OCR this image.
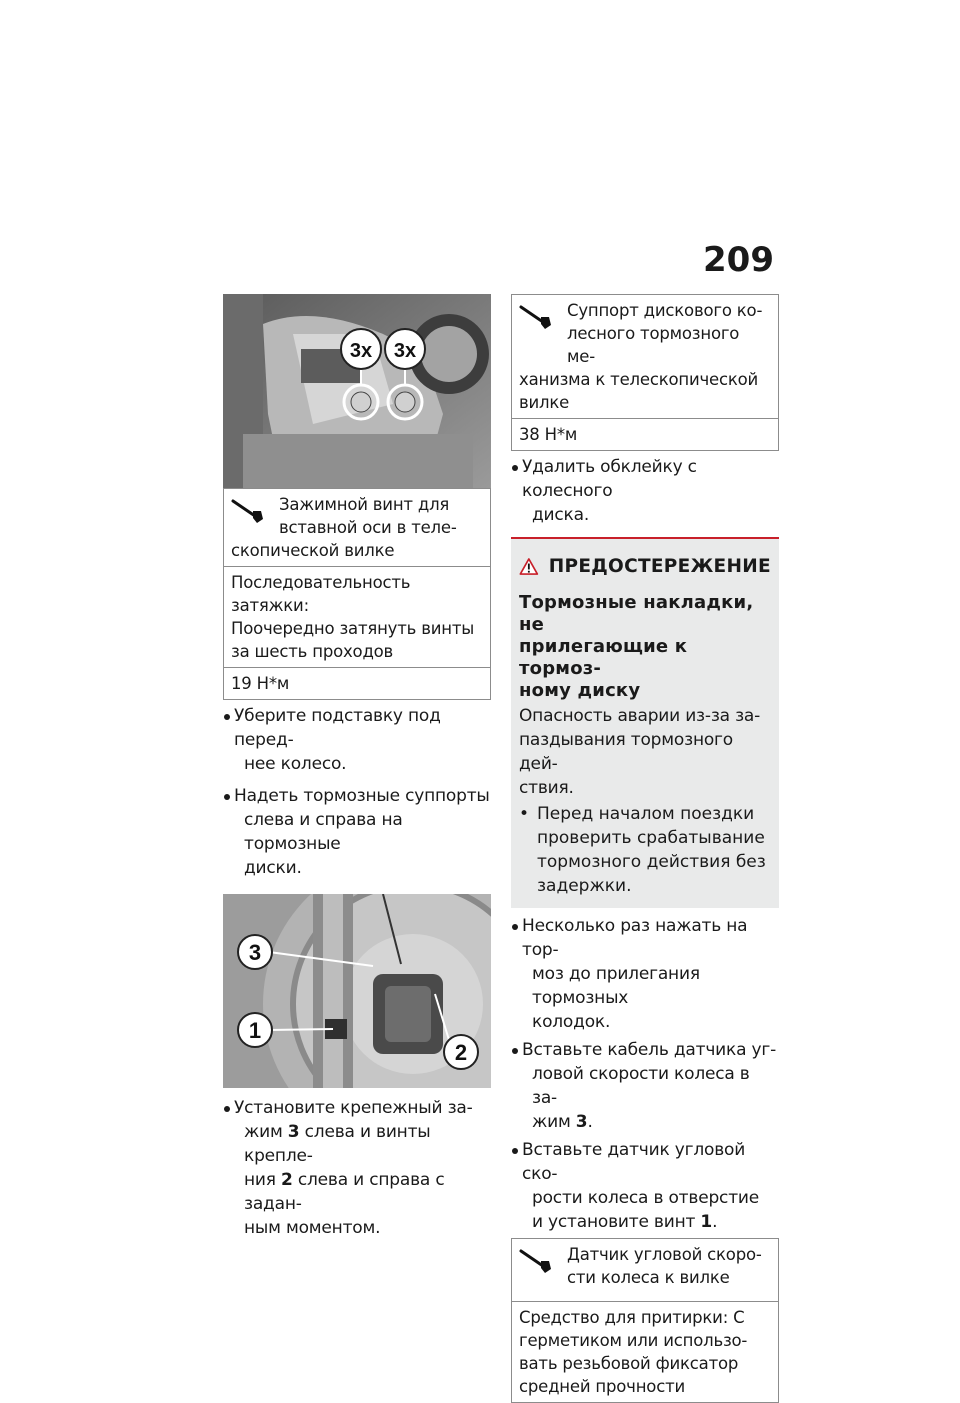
209
3x 3x
Зажимной винт для
вставной оси в теле-
скопической вилке
Последовательность затяжки:
Поочередно затянуть винты
за шесть проходов
19 Н*м
Уберите подставку под перед-
нее колесо.
Надеть тормозные суппорты
слева и справа на тормозные
диски.
3
1
2
Установите крепежный за-
жим 3 слева и винты крепле-
ния 2 слева и справа с задан-
ным моментом.
Суппорт дискового ко-
лесного тормозного ме-
ханизма к телескопической
вилке
38 Н*м
Удалить обклейку с колесного
диска.
ПРЕДОСТЕРЕЖЕНИЕ
Тормозные накладки, не
прилегающие к тормоз-
ному диску
Опасность аварии из-за за-
паздывания тормозного дей-
ствия.
• Перед началом поездки
проверить срабатывание
тормозного действия без
задержки.
Несколько раз нажать на тор-
моз до прилегания тормозных
колодок.
Вставьте кабель датчика уг-
ловой скорости колеса в за-
жим 3.
Вставьте датчик угловой ско-
рости колеса в отверстие
и установите винт 1.
Датчик угловой скоро-
сти колеса к вилке
Средство для притирки: С
герметиком или использо-
вать резьбовой фиксатор
средней прочности
